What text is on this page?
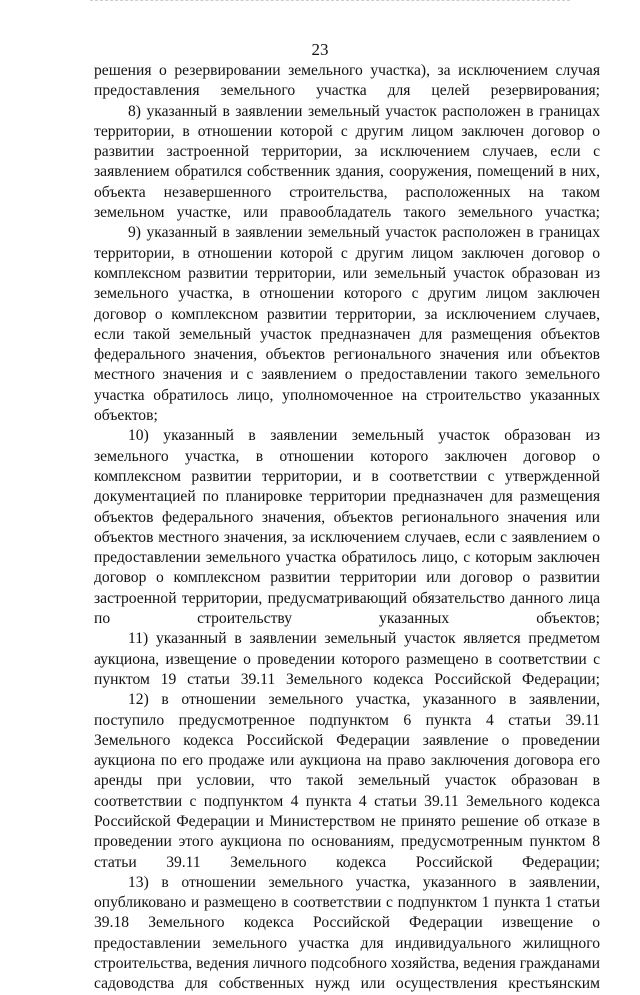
23

решения о резервировании земельного участка), за исключением случая предоставления земельного участка для целей резервирования;

8) указанный в заявлении земельный участок расположен в границах территории, в отношении которой с другим лицом заключен договор о развитии застроенной территории, за исключением случаев, если с заявлением обратился собственник здания, сооружения, помещений в них, объекта незавершенного строительства, расположенных на таком земельном участке, или правообладатель такого земельного участка;

9) указанный в заявлении земельный участок расположен в границах территории, в отношении которой с другим лицом заключен договор о комплексном развитии территории, или земельный участок образован из земельного участка, в отношении которого с другим лицом заключен договор о комплексном развитии территории, за исключением случаев, если такой земельный участок предназначен для размещения объектов федерального значения, объектов регионального значения или объектов местного значения и с заявлением о предоставлении такого земельного участка обратилось лицо, уполномоченное на строительство указанных объектов;

10) указанный в заявлении земельный участок образован из земельного участка, в отношении которого заключен договор о комплексном развитии территории, и в соответствии с утвержденной документацией по планировке территории предназначен для размещения объектов федерального значения, объектов регионального значения или объектов местного значения, за исключением случаев, если с заявлением о предоставлении земельного участка обратилось лицо, с которым заключен договор о комплексном развитии территории или договор о развитии застроенной территории, предусматривающий обязательство данного лица по строительству указанных объектов;

11) указанный в заявлении земельный участок является предметом аукциона, извещение о проведении которого размещено в соответствии с пунктом 19 статьи 39.11 Земельного кодекса Российской Федерации;

12) в отношении земельного участка, указанного в заявлении, поступило предусмотренное подпунктом 6 пункта 4 статьи 39.11 Земельного кодекса Российской Федерации заявление о проведении аукциона по его продаже или аукциона на право заключения договора его аренды при условии, что такой земельный участок образован в соответствии с подпунктом 4 пункта 4 статьи 39.11 Земельного кодекса Российской Федерации и Министерством не принято решение об отказе в проведении этого аукциона по основаниям, предусмотренным пунктом 8 статьи 39.11 Земельного кодекса Российской Федерации;

13) в отношении земельного участка, указанного в заявлении, опубликовано и размещено в соответствии с подпунктом 1 пункта 1 статьи 39.18 Земельного кодекса Российской Федерации извещение о предоставлении земельного участка для индивидуального жилищного строительства, ведения личного подсобного хозяйства, ведения гражданами садоводства для собственных нужд или осуществления крестьянским
